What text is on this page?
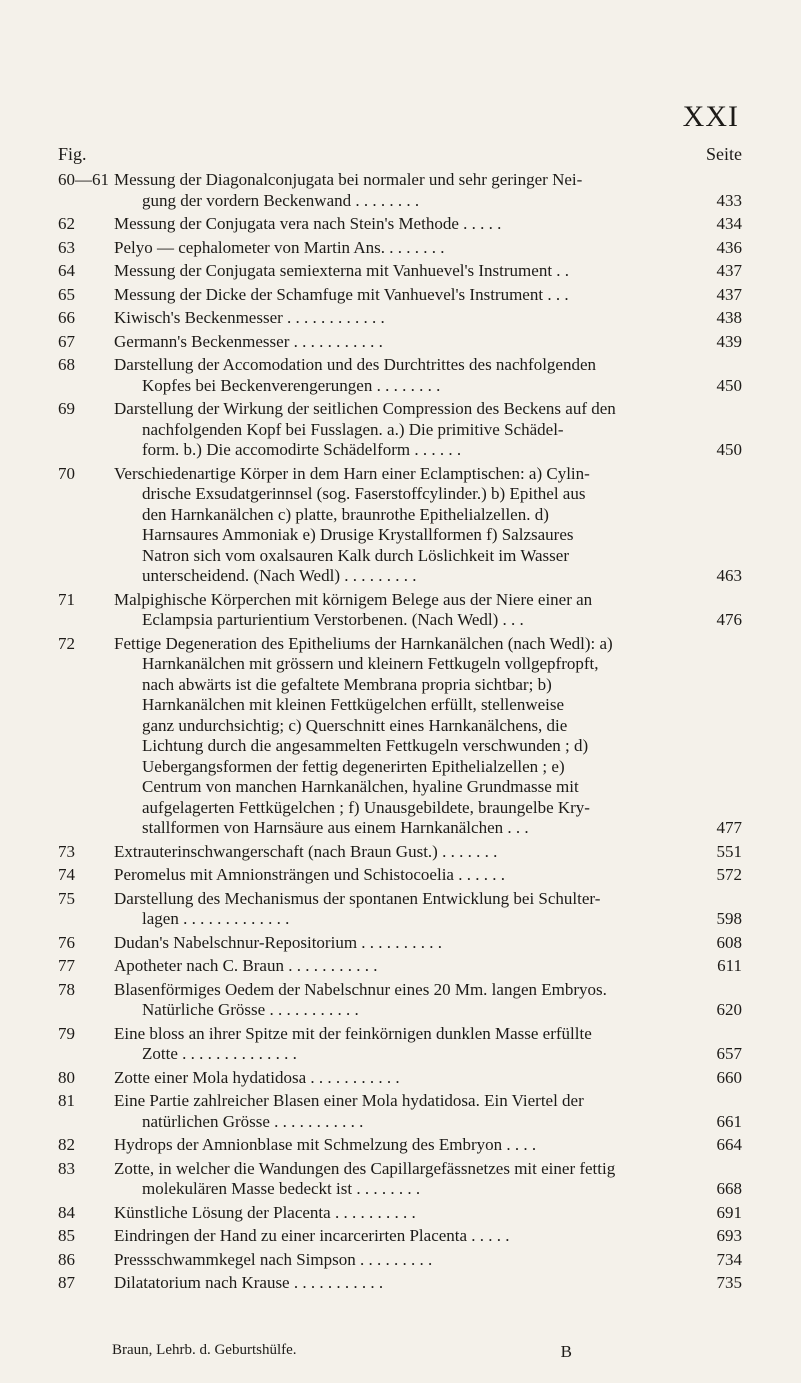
XXI
Fig.	Seite
60—61 Messung der Diagonalconjugata bei normaler und sehr geringer Nei-
gung der vordern Beckenwand . . . . . . . .	433
62 Messung der Conjugata vera nach Stein's Methode . . . . .	434
63 Pelyo — cephalometer von Martin Ans. . . . . . . .	436
64 Messung der Conjugata semiexterna mit Vanhuevel's Instrument . .	437
65 Messung der Dicke der Schamfuge mit Vanhuevel's Instrument . . .	437
66 Kiwisch's Beckenmesser . . . . . . . . . . . .	438
67 Germann's Beckenmesser . . . . . . . . . . .	439
68 Darstellung der Accomodation und des Durchtrittes des nachfolgenden
Kopfes bei Beckenverengerungen . . . . . . . .	450
69 Darstellung der Wirkung der seitlichen Compression des Beckens auf den
nachfolgenden Kopf bei Fusslagen. a.) Die primitive Schädel-
form. b.) Die accomodirte Schädelform . . . . . .	450
70 Verschiedenartige Körper in dem Harn einer Eclamptischen: a) Cylin-
drische Exsudatgerinnsel (sog. Faserstoffcylinder.) b) Epithel aus
den Harnkanälchen c) platte, braunrothe Epithelialzellen. d)
Harnsaures Ammoniak e) Drusige Krystallformen f) Salzsaures
Natron sich vom oxalsauren Kalk durch Löslichkeit im Wasser
unterscheidend. (Nach Wedl) . . . . . . . . .	463
71 Malpighische Körperchen mit körnigem Belege aus der Niere einer an
Eclampsia parturientium Verstorbenen. (Nach Wedl) . . .	476
72 Fettige Degeneration des Epitheliums der Harnkanälchen (nach Wedl): a)
Harnkanälchen mit grössern und kleinern Fettkugeln vollgepfropft,
nach abwärts ist die gefaltete Membrana propria sichtbar; b)
Harnkanälchen mit kleinen Fettkügelchen erfüllt, stellenweise
ganz undurchsichtig; c) Querschnitt eines Harnkanälchens, die
Lichtung durch die angesammelten Fettkugeln verschwunden ; d)
Uebergangsformen der fettig degenerirten Epithelialzellen ; e)
Centrum von manchen Harnkanälchen, hyaline Grundmasse mit
aufgelagerten Fettkügelchen ; f) Unausgebildete, braungelbe Kry-
stallformen von Harnsäure aus einem Harnkanälchen . . .	477
73 Extrauterinschwangerschaft (nach Braun Gust.) . . . . . . .	551
74 Peromelus mit Amnionsträngen und Schistocoelia . . . . . .	572
75 Darstellung des Mechanismus der spontanen Entwicklung bei Schulter-
lagen . . . . . . . . . . . . .	598
76 Dudan's Nabelschnur-Repositorium . . . . . . . . . .	608
77 Apotheter nach C. Braun . . . . . . . . . . .	611
78 Blasenförmiges Oedem der Nabelschnur eines 20 Mm. langen Embryos.
Natürliche Grösse . . . . . . . . . . .	620
79 Eine bloss an ihrer Spitze mit der feinkörnigen dunklen Masse erfüllte
Zotte . . . . . . . . . . . . . .	657
80 Zotte einer Mola hydatidosa . . . . . . . . . . .	660
81 Eine Partie zahlreicher Blasen einer Mola hydatidosa. Ein Viertel der
natürlichen Grösse . . . . . . . . . . .	661
82 Hydrops der Amnionblase mit Schmelzung des Embryon . . . .	664
83 Zotte, in welcher die Wandungen des Capillargefässnetzes mit einer fettig
molekulären Masse bedeckt ist . . . . . . . .	668
84 Künstliche Lösung der Placenta . . . . . . . . . .	691
85 Eindringen der Hand zu einer incarcerirten Placenta . . . . .	693
86 Pressschwammkegel nach Simpson . . . . . . . . .	734
87 Dilatatorium nach Krause . . . . . . . . . . .	735
Braun, Lehrb. d. Geburtshülfe.	B
